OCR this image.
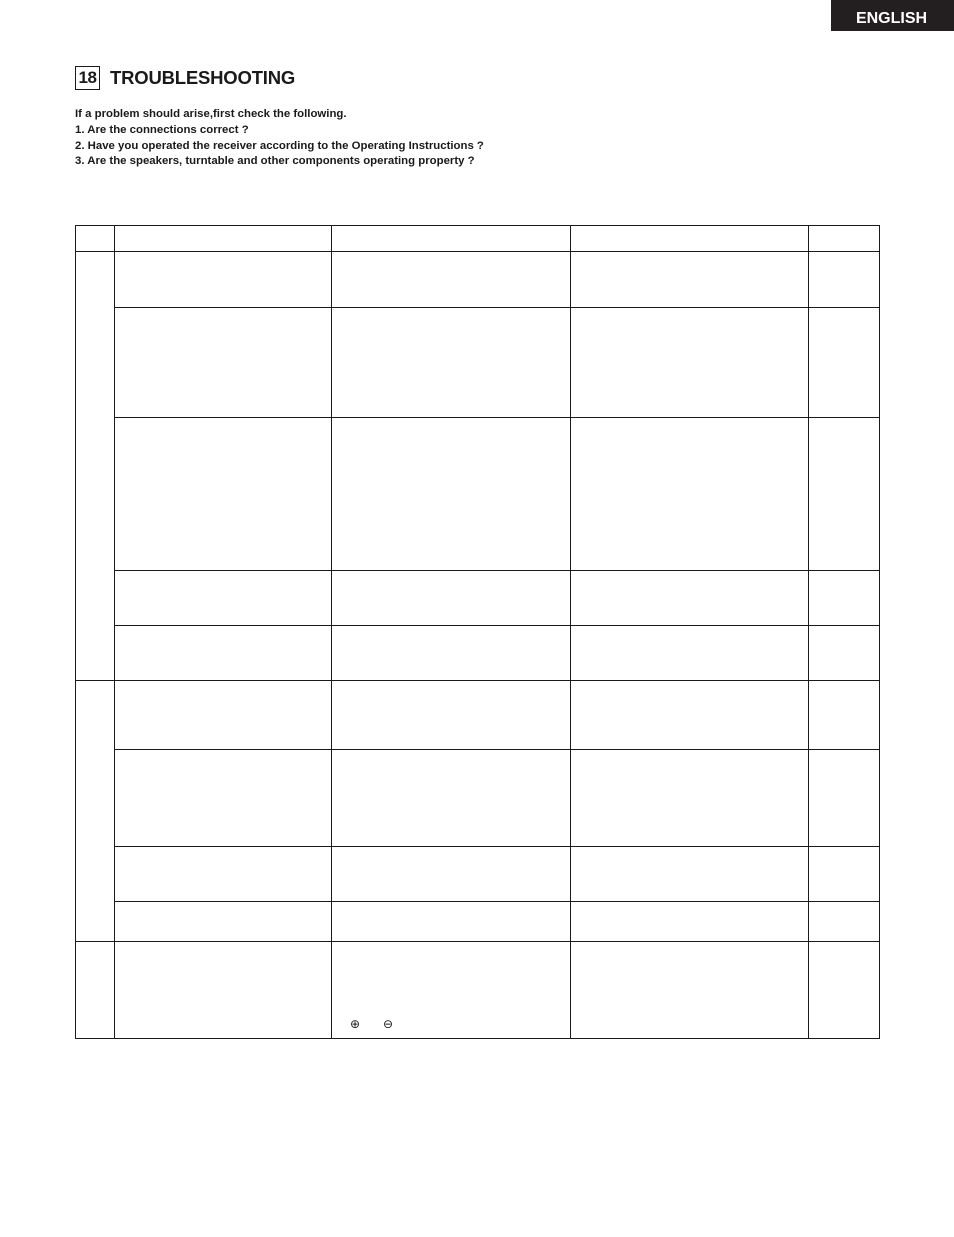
ENGLISH
18 TROUBLESHOOTING
If a problem should arise,first check the following.
1. Are the connections correct ?
2. Have you operated the receiver according to the Operating Instructions ?
3. Are the speakers, turntable and other components operating property ?
⊕ ⊖
